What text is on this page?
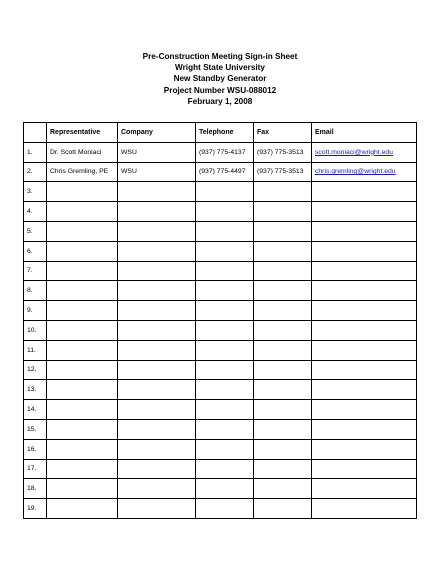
Pre-Construction Meeting Sign-in Sheet
Wright State University
New Standby Generator
Project Number WSU-088012
February 1, 2008
	Representative	Company	Telephone	Fax	Email
1.	Dr. Scott Moniaci	WSU	(937) 775-4137	(937) 775-3513	scott.moniaci@wright.edu
2.	Chris Gremling, PE	WSU	(937) 775-4497	(937) 775-3513	chris.gremling@wright.edu
3.					
4.					
5.					
6.					
7.					
8.					
9.					
10.					
11.					
12.					
13.					
14.					
15.					
16.					
17.					
18.					
19.					
